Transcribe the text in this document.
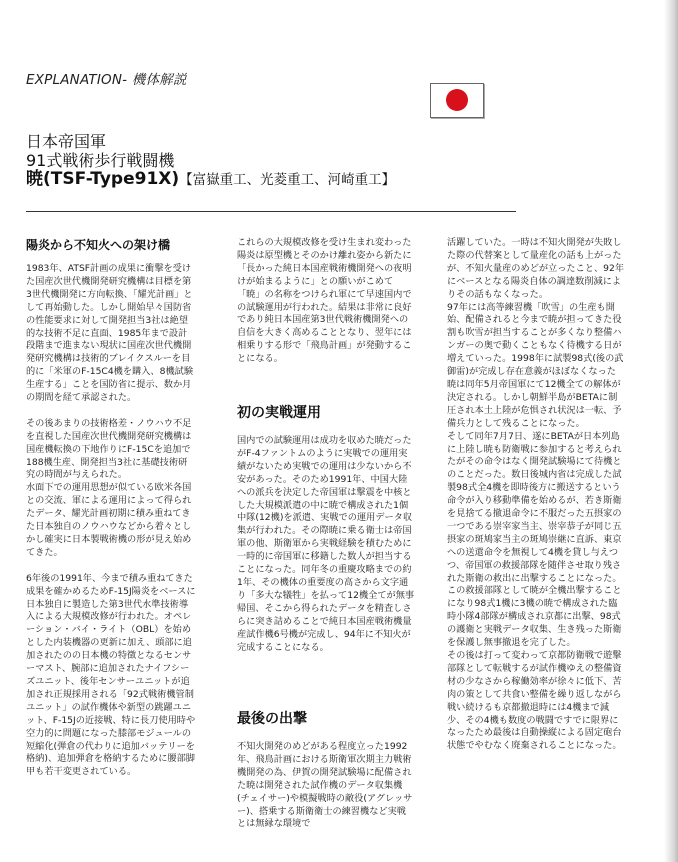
EXPLANATION- 機体解説
日本帝国軍
91式戦術歩行戦闘機
暁(TSF-Type91X)【富嶽重工、光菱重工、河崎重工】
陽炎から不知火への架け橋

1983年、ATSF計画の成果に衝撃を受けた国産次世代機開発研究機構は目標を第3世代機開発に方向転換、「耀光計画」として再始動した。しかし開始早々国防省の性能要求に対して開発担当3社は絶望的な技術不足に直面、1985年まで設計段階まで進まない現状に国産次世代機開発研究機構は技術的ブレイクスルーを目的に「米軍のF-15C4機を購入、8機試験生産する」ことを国防省に提示、数か月の期間を経て承認された。

その後あまりの技術格差・ノウハウ不足を直視した国産次世代機開発研究機構は国産機転換の下地作りにF-15Cを追加で188機生産、開発担当3社に基礎技術研究の時間が与えられた。

水面下での運用思想が似ている欧米各国との交流、軍による運用によって得られたデータ、耀光計画初期に積み重ねてきた日本独自のノウハウなどから着々としかし確実に日本製戦術機の形が見え始めてきた。

6年後の1991年、今まで積み重ねてきた成果を確かめるためF-15J陽炎をベースに日本独自に製造した第3世代水準技術導入による大規模改修が行われた。オペレーション・バイ・ライト（OBL）を始めとした内装機器の更新に加え、頭部に追加されたのの日本機の特徴となるセンサーマスト、腕部に追加されたナイフシーズユニット、後年センサーユニットが追加され正規採用される「92式戦術機管制ユニット」の試作機体や新型の跳躍ユニット、F-15Jの近接戦、特に長刀使用時や空力的に問題になった膝部モジュールの短縮化(弾倉の代わりに追加バッテリーを格納)、追加弾倉を格納するために腰部脚甲も若干変更されている。

これらの大規模改修を受け生まれ変わった陽炎は原型機とそのかけ離れ姿から新たに「長かった純日本国産戦術機開発への夜明けが始まるように」との願いがこめて「暁」の名称をつけられ軍にて早速国内での試験運用が行われた。結果は非常に良好であり純日本国産第3世代戦術機開発への自信を大きく高めることとなり、翌年には相乗りする形で「飛鳥計画」が発動することになる。

初の実戦運用

国内での試験運用は成功を収めた暁だったがF-4ファントムのように実戦での運用実績がないため実戦での運用は少ないから不安があった。そのため1991年、中国大陸への派兵を決定した帝国軍は撃震を中核とした大規模派遣の中に暁で構成された1個中隊(12機)を派遣、実戦での運用データ収集が行われた。その際暁に乗る衛士は帝国軍の他、斯衛軍から実戦経験を積むために一時的に帝国軍に移籍した数人が担当することになった。同年冬の重慶攻略までの約1年、その機体の重要度の高さから文字通り「多大な犠牲」を払って12機全てが無事帰国、そこから得られたデータを精査しさらに突き詰めることで純日本国産戦術機量産試作機6号機が完成し、94年に不知火が完成することになる。

最後の出撃

不知火開発のめどがある程度立った1992年、飛鳥計画における斯衛軍次期主力戦術機開発の為、伊賀の開発試験場に配備された暁は開発された試作機のデータ収集機(チェイサー)や模擬戦時の敵役(アグレッサー)、搭乗する斯衛衛士の練習機など実戦とは無縁な環境で

活躍していた。一時は不知火開発が失敗した際の代替案として量産化の話も上がったが、不知火量産のめどが立ったこと、92年にベースとなる陽炎自体の調達数削減によりその話もなくなった。

97年には高等練習機「吹雪」の生産も開始、配備されると今まで暁が担ってきた役割も吹雪が担当することが多くなり整備ハンガーの奥で動くこともなく待機する日が増えていった。1998年に試製98式(後の武御雷)が完成し存在意義がほぼなくなった暁は同年5月帝国軍にて12機全ての解体が決定される。しかし朝鮮半島がBETAに制圧され本土上陸が危惧され状況は一転、予備兵力として残ることになった。

そして同年7月7日、遂にBETAが日本列島に上陸し暁も防衛戦に参加すると考えられたがその命令はなく開発試験場にて待機とのことだった。数日後城内省は完成した試製98式全4機を即時後方に搬送するという命令が入り移動準備を始めるが、若き斯衛を見捨てる撤退命令に不服だった五摂家の一つである崇宰家当主、崇宰恭子が同じ五摂家の斑鳩家当主の斑鳩崇継に直訴、東京への送還命令を無視して4機を貸し与えつつ、帝国軍の救援部隊を随伴させ取り残された斯衛の救出に出撃することになった。この救援部隊として暁が全機出撃することになり98式1機に3機の暁で構成された臨時小隊4部隊が構成され京都に出撃、98式の護衛と実戦データ収集、生き残った斯衛を保護し無事撤退を完了した。

その後は打って変わって京都防衛戦で遊撃部隊として転戦するが試作機ゆえの整備資材の少なさから稼働効率が徐々に低下、苦肉の策として共食い整備を繰り返しながら戦い続けるも京都撤退時には4機まで減少、その4機も数度の戦闘ですでに限界になったため最後は自動操縦による固定砲台状態でやむなく廃棄されることになった。
